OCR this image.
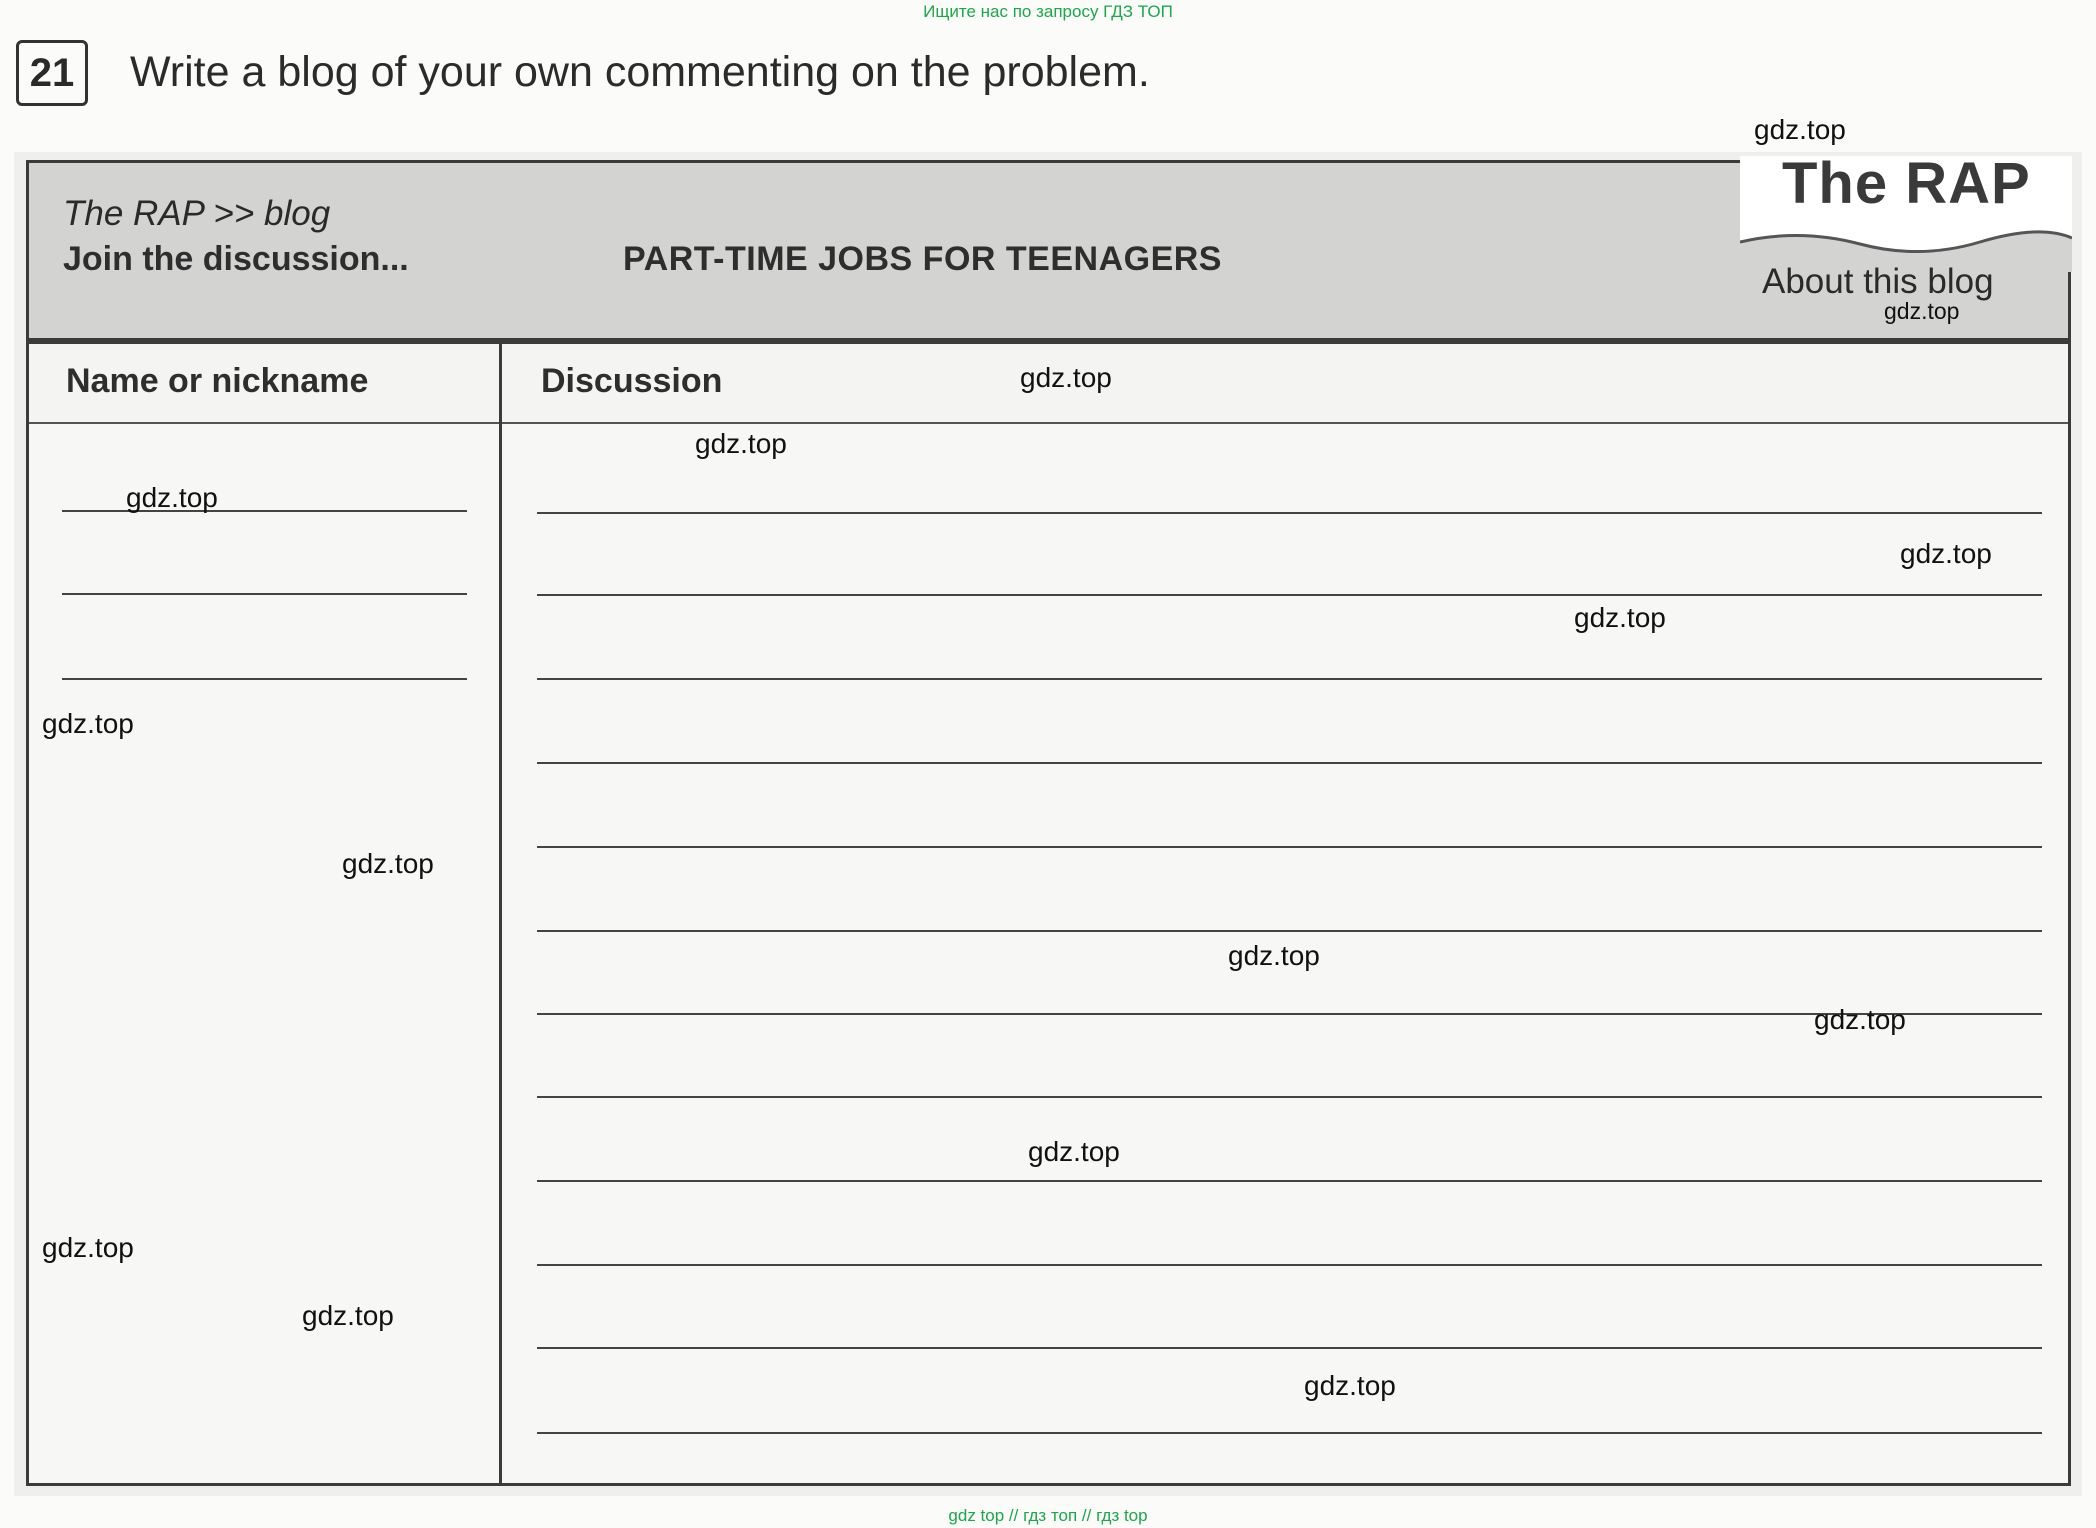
Ищите нас по запросу ГДЗ ТОП
21	Write a blog of your own commenting on the problem.
The RAP >> blog
Join the discussion...	PART-TIME JOBS FOR TEENAGERS
The RAP
About this blog
Name or nickname	Discussion
gdz.top
gdz.top
gdz.top
gdz.top
gdz.top
gdz.top
gdz.top
gdz.top
gdz.top
gdz.top
gdz.top
gdz.top
gdz.top
gdz.top
gdz.top
gdz top // гдз топ // гдз top
